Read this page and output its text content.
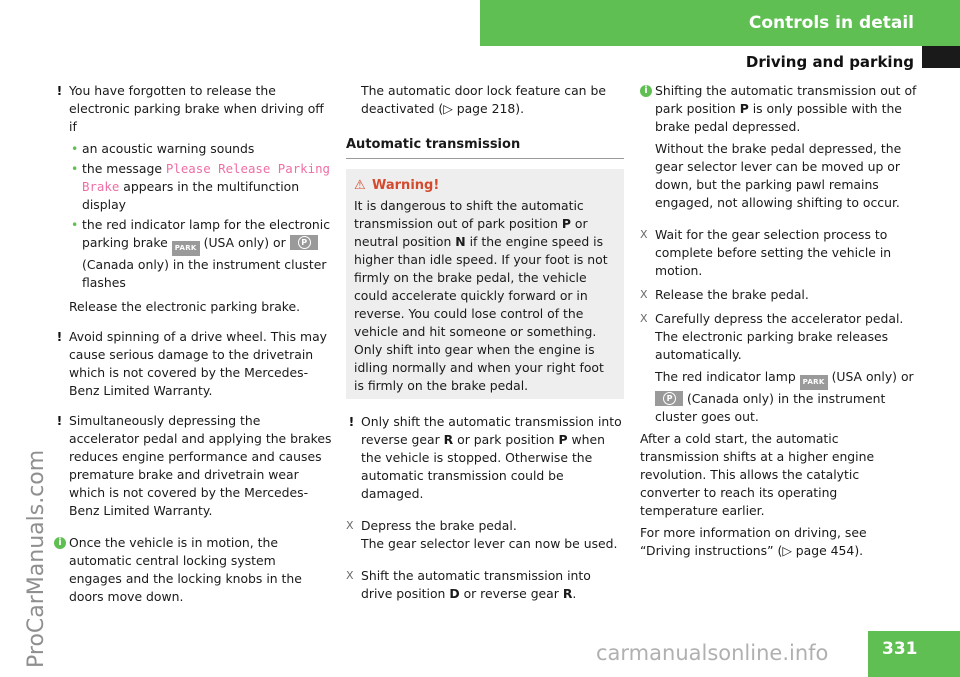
Controls in detail
Driving and parking
ProCarManuals.com	carmanualsonline.info	331
! You have forgotten to release the electronic parking brake when driving off if
• an acoustic warning sounds
• the message Please Release Parking Brake appears in the multifunction display
• the red indicator lamp for the electronic parking brake PARK (USA only) or	P
(Canada only) in the instrument cluster flashes
Release the electronic parking brake.
! Avoid spinning of a drive wheel. This may cause serious damage to the drivetrain which is not covered by the Mercedes-Benz Limited Warranty.
! Simultaneously depressing the accelerator pedal and applying the brakes reduces engine performance and causes premature brake and drivetrain wear which is not covered by the Mercedes-Benz Limited Warranty.
i Once the vehicle is in motion, the automatic central locking system engages and the locking knobs in the doors move down.
The automatic door lock feature can be deactivated (▷ page 218).
Automatic transmission
⚠ Warning!
It is dangerous to shift the automatic transmission out of park position P or neutral position N if the engine speed is higher than idle speed. If your foot is not firmly on the brake pedal, the vehicle could accelerate quickly forward or in reverse. You could lose control of the vehicle and hit someone or something. Only shift into gear when the engine is idling normally and when your right foot is firmly on the brake pedal.
! Only shift the automatic transmission into reverse gear R or park position P when the vehicle is stopped. Otherwise the automatic transmission could be damaged.
X Depress the brake pedal.
The gear selector lever can now be used.
X Shift the automatic transmission into drive position D or reverse gear R.
i Shifting the automatic transmission out of park position P is only possible with the brake pedal depressed.
Without the brake pedal depressed, the gear selector lever can be moved up or down, but the parking pawl remains engaged, not allowing shifting to occur.
X Wait for the gear selection process to complete before setting the vehicle in motion.
X Release the brake pedal.
X Carefully depress the accelerator pedal. The electronic parking brake releases automatically.
The red indicator lamp PARK (USA only) or
P (Canada only) in the instrument cluster goes out.
After a cold start, the automatic transmission shifts at a higher engine revolution. This allows the catalytic converter to reach its operating temperature earlier.
For more information on driving, see “Driving instructions” (▷ page 454).
